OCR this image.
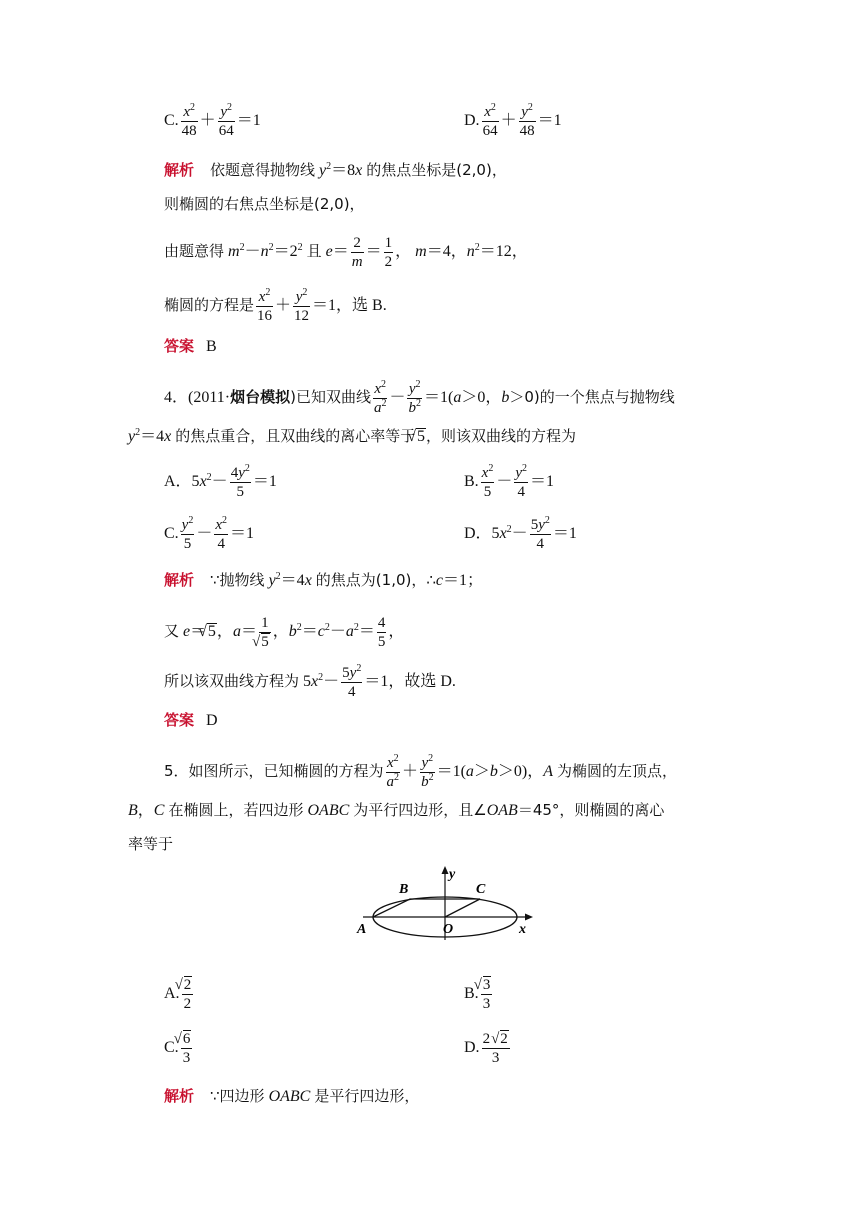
C. $\frac{x^2}{48} + \frac{y^2}{64} =1$	D. $\frac{x^2}{64} + \frac{y^2}{48} =1$
解析 依题意得抛物线 $y^2=8x$ 的焦点坐标是(2,0)，
则椭圆的右焦点坐标是(2,0)，
由题意得 $m^2-n^2=2^2$ 且 $e= \frac{2}{m} = \frac{1}{2}$ ， m＝4，$n^2=12$，
椭圆的方程是 $\frac{x^2}{16} + \frac{y^2}{12} =1$，选 B.
答案 B
4．(2011·烟台模拟)已知双曲线 $\frac{x^2}{a^2} - \frac{y^2}{b^2} =1(a>0$，b＞0)的一个焦点与抛物线
$y^2=4x$ 的焦点重合，且双曲线的离心率等于 √ 5，则该双曲线的方程为
A．$5x^2- \frac{4y^2}{5} =1$	B. $\frac{x^2}{5} - \frac{y^2}{4} =1$
C. $\frac{y^2}{5} - \frac{x^2}{4} =1$	D．$5x^2- \frac{5y^2}{4} =1$
解析 ∵抛物线 $y^2=4x$ 的焦点为(1,0)，∴c＝1；
又 e＝ √ 5，a＝ 1
√ 5 ，$b^2=c^2-a^2= \frac{4}{5}$ ，
所以该双曲线方程为 $5x^2- \frac{5y^2}{4} =1$，故选 D.
答案 D
5．如图所示，已知椭圆的方程为 $\frac{x^2}{a^2} + \frac{y^2}{b^2} =1(a>b>0)$，A 为椭圆的左顶点，
B，C 在椭圆上，若四边形 OABC 为平行四边形，且∠OAB＝45°，则椭圆的离心
率等于
A
B	C
O	x
y
A. √ $\frac{2}{2}$	B. √ $\frac{3}{3}$
C. √ $\frac{6}{3}$	D. $\frac{2 √ 2}{3}$
解析 ∵四边形 OABC 是平行四边形，
